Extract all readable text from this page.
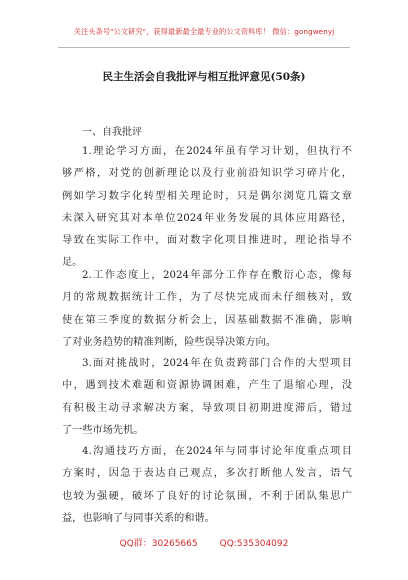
关注头条号"公文研究"，获得最新最全最专业的公文资料库！ 微信：gongwenyj
民主生活会自我批评与相互批评意见(50条)
一、自我批评
1.理论学习方面，在2024年虽有学习计划，但执行不
够严格，对党的创新理论以及行业前沿知识学习碎片化，
例如学习数字化转型相关理论时，只是偶尔浏览几篇文章
未深入研究其对本单位2024年业务发展的具体应用路径，
导致在实际工作中，面对数字化项目推进时，理论指导不
足。
2.工作态度上，2024年部分工作存在敷衍心态，像每
月的常规数据统计工作，为了尽快完成而未仔细核对，致
使在第三季度的数据分析会上，因基础数据不准确，影响
了对业务趋势的精准判断，险些误导决策方向。
3.面对挑战时，2024年在负责跨部门合作的大型项目
中，遇到技术难题和资源协调困难，产生了退缩心理，没
有积极主动寻求解决方案，导致项目初期进度滞后，错过
了一些市场先机。
4.沟通技巧方面，在2024年与同事讨论年度重点项目
方案时，因急于表达自己观点，多次打断他人发言，语气
也较为强硬，破坏了良好的讨论氛围，不利于团队集思广
益，也影响了与同事关系的和谐。
QQ群：30265665 QQ:535304092
